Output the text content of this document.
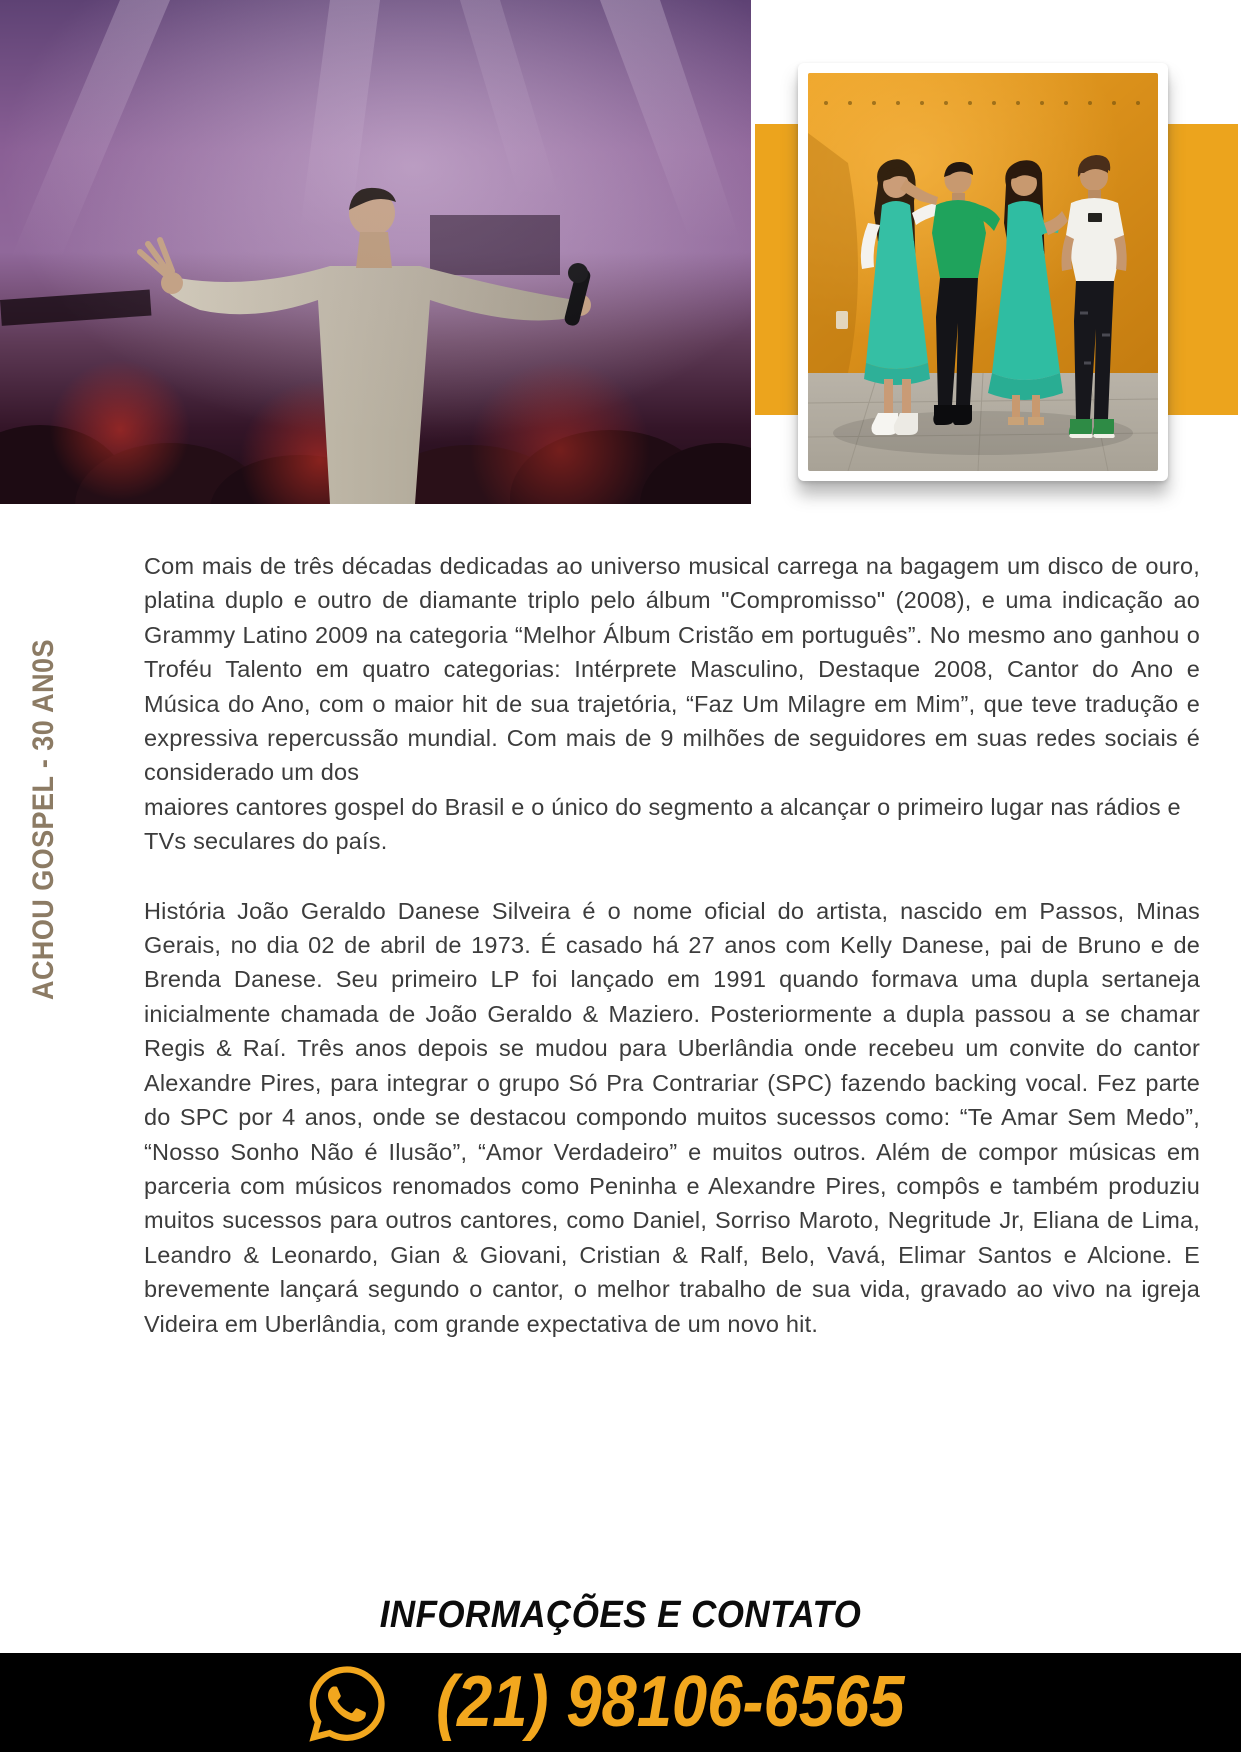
ACHOU GOSPEL - 30 AN0S

Com mais de três décadas dedicadas ao universo musical carrega na bagagem um disco de ouro, platina duplo e outro de diamante triplo pelo álbum "Compromisso" (2008), e uma indicação ao Grammy Latino 2009 na categoria “Melhor Álbum Cristão em português”. No mesmo ano ganhou o Troféu Talento em quatro categorias: Intérprete Masculino, Destaque 2008, Cantor do Ano e Música do Ano, com o maior hit de sua trajetória, “Faz Um Milagre em Mim”, que teve tradução e expressiva repercussão mundial. Com mais de 9 milhões de seguidores em suas redes sociais é considerado um dos

maiores cantores gospel do Brasil e o único do segmento a alcançar o primeiro lugar nas rádios e TVs seculares do país.

História João Geraldo Danese Silveira é o nome oficial do artista, nascido em Passos, Minas Gerais, no dia 02 de abril de 1973. É casado há 27 anos com Kelly Danese, pai de Bruno e de Brenda Danese. Seu primeiro LP foi lançado em 1991 quando formava uma dupla sertaneja inicialmente chamada de João Geraldo & Maziero. Posteriormente a dupla passou a se chamar Regis & Raí. Três anos depois se mudou para Uberlândia onde recebeu um convite do cantor Alexandre Pires, para integrar o grupo Só Pra Contrariar (SPC) fazendo backing vocal. Fez parte do SPC por 4 anos, onde se destacou compondo muitos sucessos como: “Te Amar Sem Medo”, “Nosso Sonho Não é Ilusão”, “Amor Verdadeiro” e muitos outros. Além de compor músicas em parceria com músicos renomados como Peninha e Alexandre Pires, compôs e também produziu muitos sucessos para outros cantores, como Daniel, Sorriso Maroto, Negritude Jr, Eliana de Lima, Leandro & Leonardo, Gian & Giovani, Cristian & Ralf, Belo, Vavá, Elimar Santos e Alcione. E brevemente lançará segundo o cantor, o melhor trabalho de sua vida, gravado ao vivo na igreja Videira em Uberlândia, com grande expectativa de um novo hit.

INFORMAÇÕES E CONTATO
(21) 98106-6565
